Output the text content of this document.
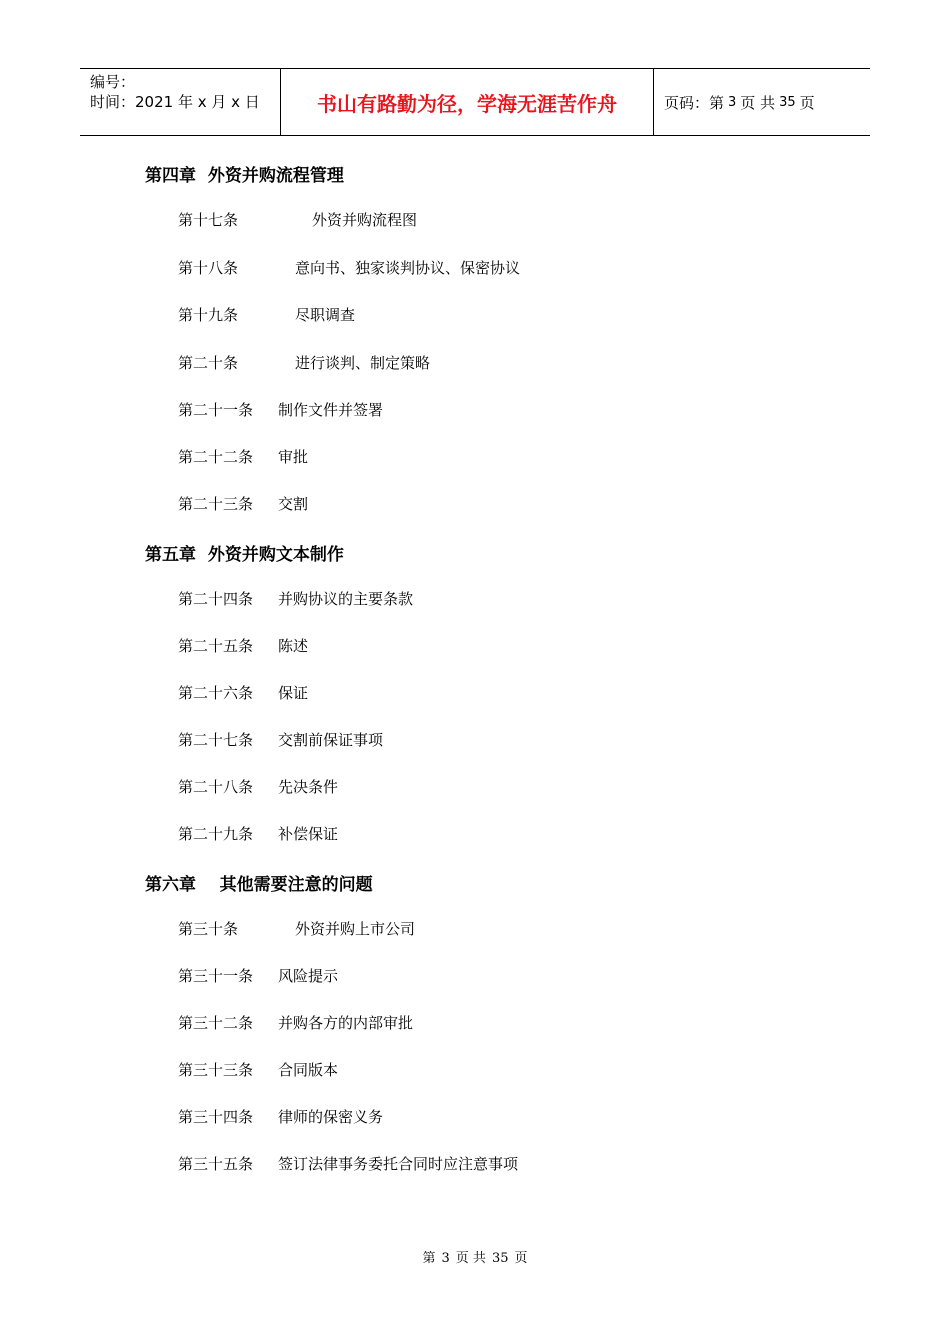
编号：
时间：2021 年 x 月 x 日	书山有路勤为径，学海无涯苦作舟	页码：第 3 页 共 35 页
第四章  外资并购流程管理
第十七条	外资并购流程图
第十八条	意向书、独家谈判协议、保密协议
第十九条	尽职调查
第二十条	进行谈判、制定策略
第二十一条 制作文件并签署
第二十二条 审批
第二十三条 交割
第五章  外资并购文本制作
第二十四条 并购协议的主要条款
第二十五条 陈述
第二十六条 保证
第二十七条 交割前保证事项
第二十八条 先决条件
第二十九条 补偿保证
第六章    其他需要注意的问题
第三十条	外资并购上市公司
第三十一条 风险提示
第三十二条 并购各方的内部审批
第三十三条 合同版本
第三十四条 律师的保密义务
第三十五条 签订法律事务委托合同时应注意事项
第 3 页 共 35 页
